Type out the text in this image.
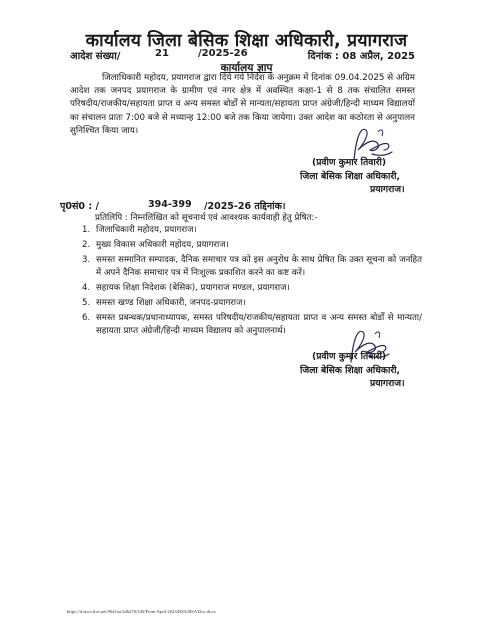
कार्यालय जिला बेसिक शिक्षा अधिकारी, प्रयागराज
आदेश संख्या/	21	/2025-26	दिनांक : 08 अप्रैल, 2025
कार्यालय ज्ञाप
जिलाधिकारी महोदय, प्रयागराज द्वारा दिये गये निर्देश के अनुक्रम में दिनांक 09.04.2025 से अग्रिम आदेश तक जनपद प्रयागराज के ग्रामीण एवं नगर क्षेत्र में अवस्थित कक्षा-1 से 8 तक संचालित समस्त परिषदीय/राजकीय/सहायता प्राप्त व अन्य समस्त बोर्डों से मान्यता/सहायता प्राप्त अंग्रेजी/हिन्दी माध्यम विद्यालयों का संचालन प्रातः 7:00 बजे से मध्यान्ह 12:00 बजे तक किया जायेगा। उक्त आदेश का कठोरता से अनुपालन सुनिश्चित किया जाय।
(प्रवीण कुमार तिवारी)
जिला बेसिक शिक्षा अधिकारी,
प्रयागराज।
पृ0सं0 : /	394-399 /2025-26 तद्दिनांक।
प्रतिलिपि : निम्नलिखित को सूचनार्थ एवं आवश्यक कार्यवाही हेतु प्रेषित:-
1. जिलाधिकारी महोदय, प्रयागराज।
2. मुख्य विकास अधिकारी महोदय, प्रयागराज।
3. समस्त सम्मानित सम्पादक, दैनिक समाचार पत्र को इस अनुरोध के साथ प्रेषित कि उक्त सूचना को जनहित में अपने दैनिक समाचार पत्र में निःशुल्क प्रकाशित करने का कष्ट करें।
4. सहायक शिक्षा निदेशक (बेसिक), प्रयागराज मण्डल, प्रयागराज।
5. समस्त खण्ड शिक्षा अधिकारी, जनपद-प्रयागराज।
6. समस्त प्रबन्धक/प्रधानाध्यापक, समस्त परिषदीय/राजकीय/सहायता प्राप्त व अन्य समस्त बोर्डों से मान्यता/सहायता प्राप्त अंग्रेजी/हिन्दी माध्यम विद्यालय को अनुपालनार्थ।
(प्रवीण कुमार तिवारी)
जिला बेसिक शिक्षा अधिकारी,
प्रयागराज।
https://d.docs.live.net/9041ea/2d6270/345/From April-2023/BSA/BSA Doc.docx
